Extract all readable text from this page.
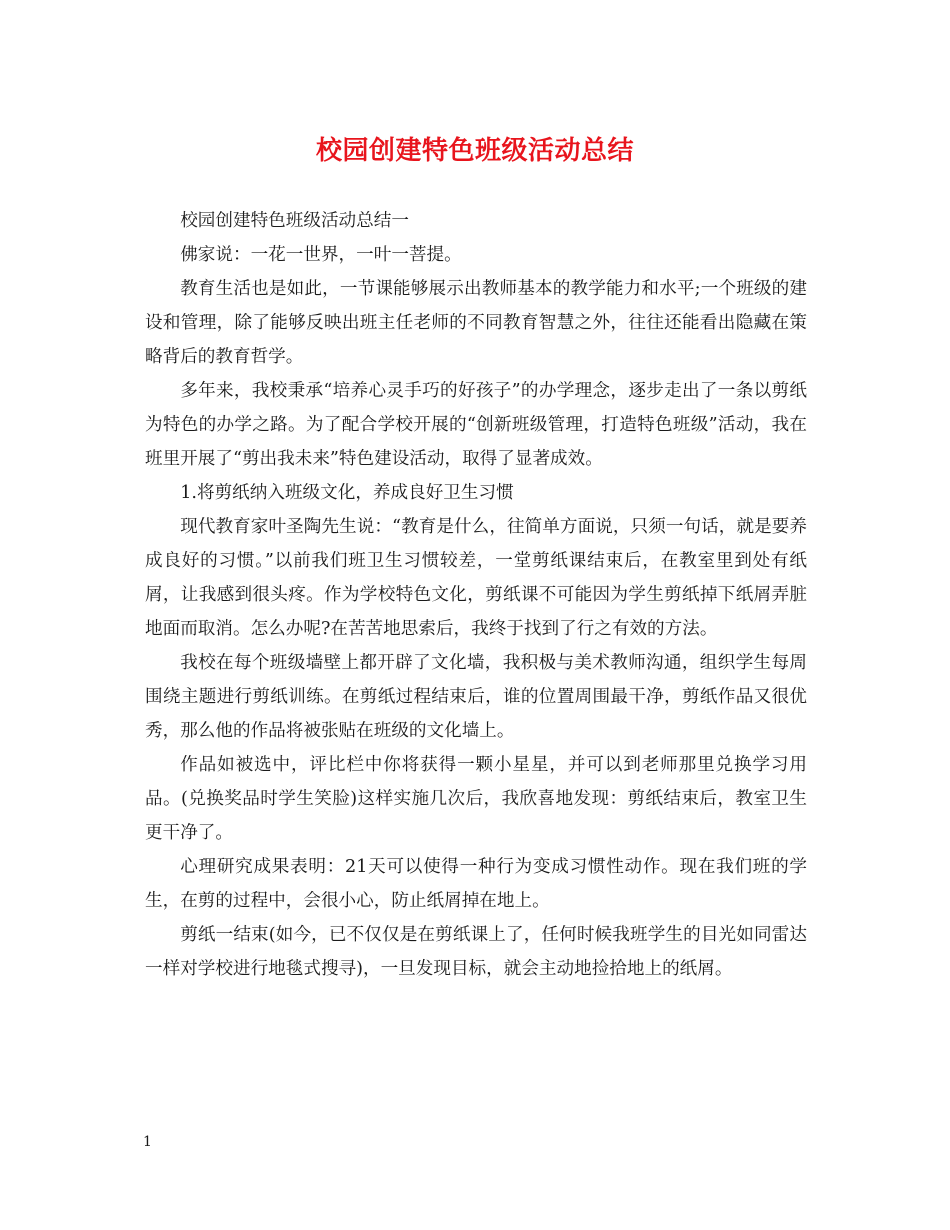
校园创建特色班级活动总结

校园创建特色班级活动总结一

佛家说：一花一世界，一叶一菩提。

教育生活也是如此，一节课能够展示出教师基本的教学能力和水平;一个班级的建设和管理，除了能够反映出班主任老师的不同教育智慧之外，往往还能看出隐藏在策略背后的教育哲学。

多年来，我校秉承“培养心灵手巧的好孩子”的办学理念，逐步走出了一条以剪纸为特色的办学之路。为了配合学校开展的“创新班级管理，打造特色班级”活动，我在班里开展了“剪出我未来”特色建设活动，取得了显著成效。

1.将剪纸纳入班级文化，养成良好卫生习惯

现代教育家叶圣陶先生说：“教育是什么，往简单方面说，只须一句话，就是要养成良好的习惯。”以前我们班卫生习惯较差，一堂剪纸课结束后，在教室里到处有纸屑，让我感到很头疼。作为学校特色文化，剪纸课不可能因为学生剪纸掉下纸屑弄脏地面而取消。怎么办呢?在苦苦地思索后，我终于找到了行之有效的方法。

我校在每个班级墙壁上都开辟了文化墙，我积极与美术教师沟通，组织学生每周围绕主题进行剪纸训练。在剪纸过程结束后，谁的位置周围最干净，剪纸作品又很优秀，那么他的作品将被张贴在班级的文化墙上。

作品如被选中，评比栏中你将获得一颗小星星，并可以到老师那里兑换学习用品。(兑换奖品时学生笑脸)这样实施几次后，我欣喜地发现：剪纸结束后，教室卫生更干净了。

心理研究成果表明：21天可以使得一种行为变成习惯性动作。现在我们班的学生，在剪的过程中，会很小心，防止纸屑掉在地上。

剪纸一结束(如今，已不仅仅是在剪纸课上了，任何时候我班学生的目光如同雷达一样对学校进行地毯式搜寻)，一旦发现目标，就会主动地捡拾地上的纸屑。

1
